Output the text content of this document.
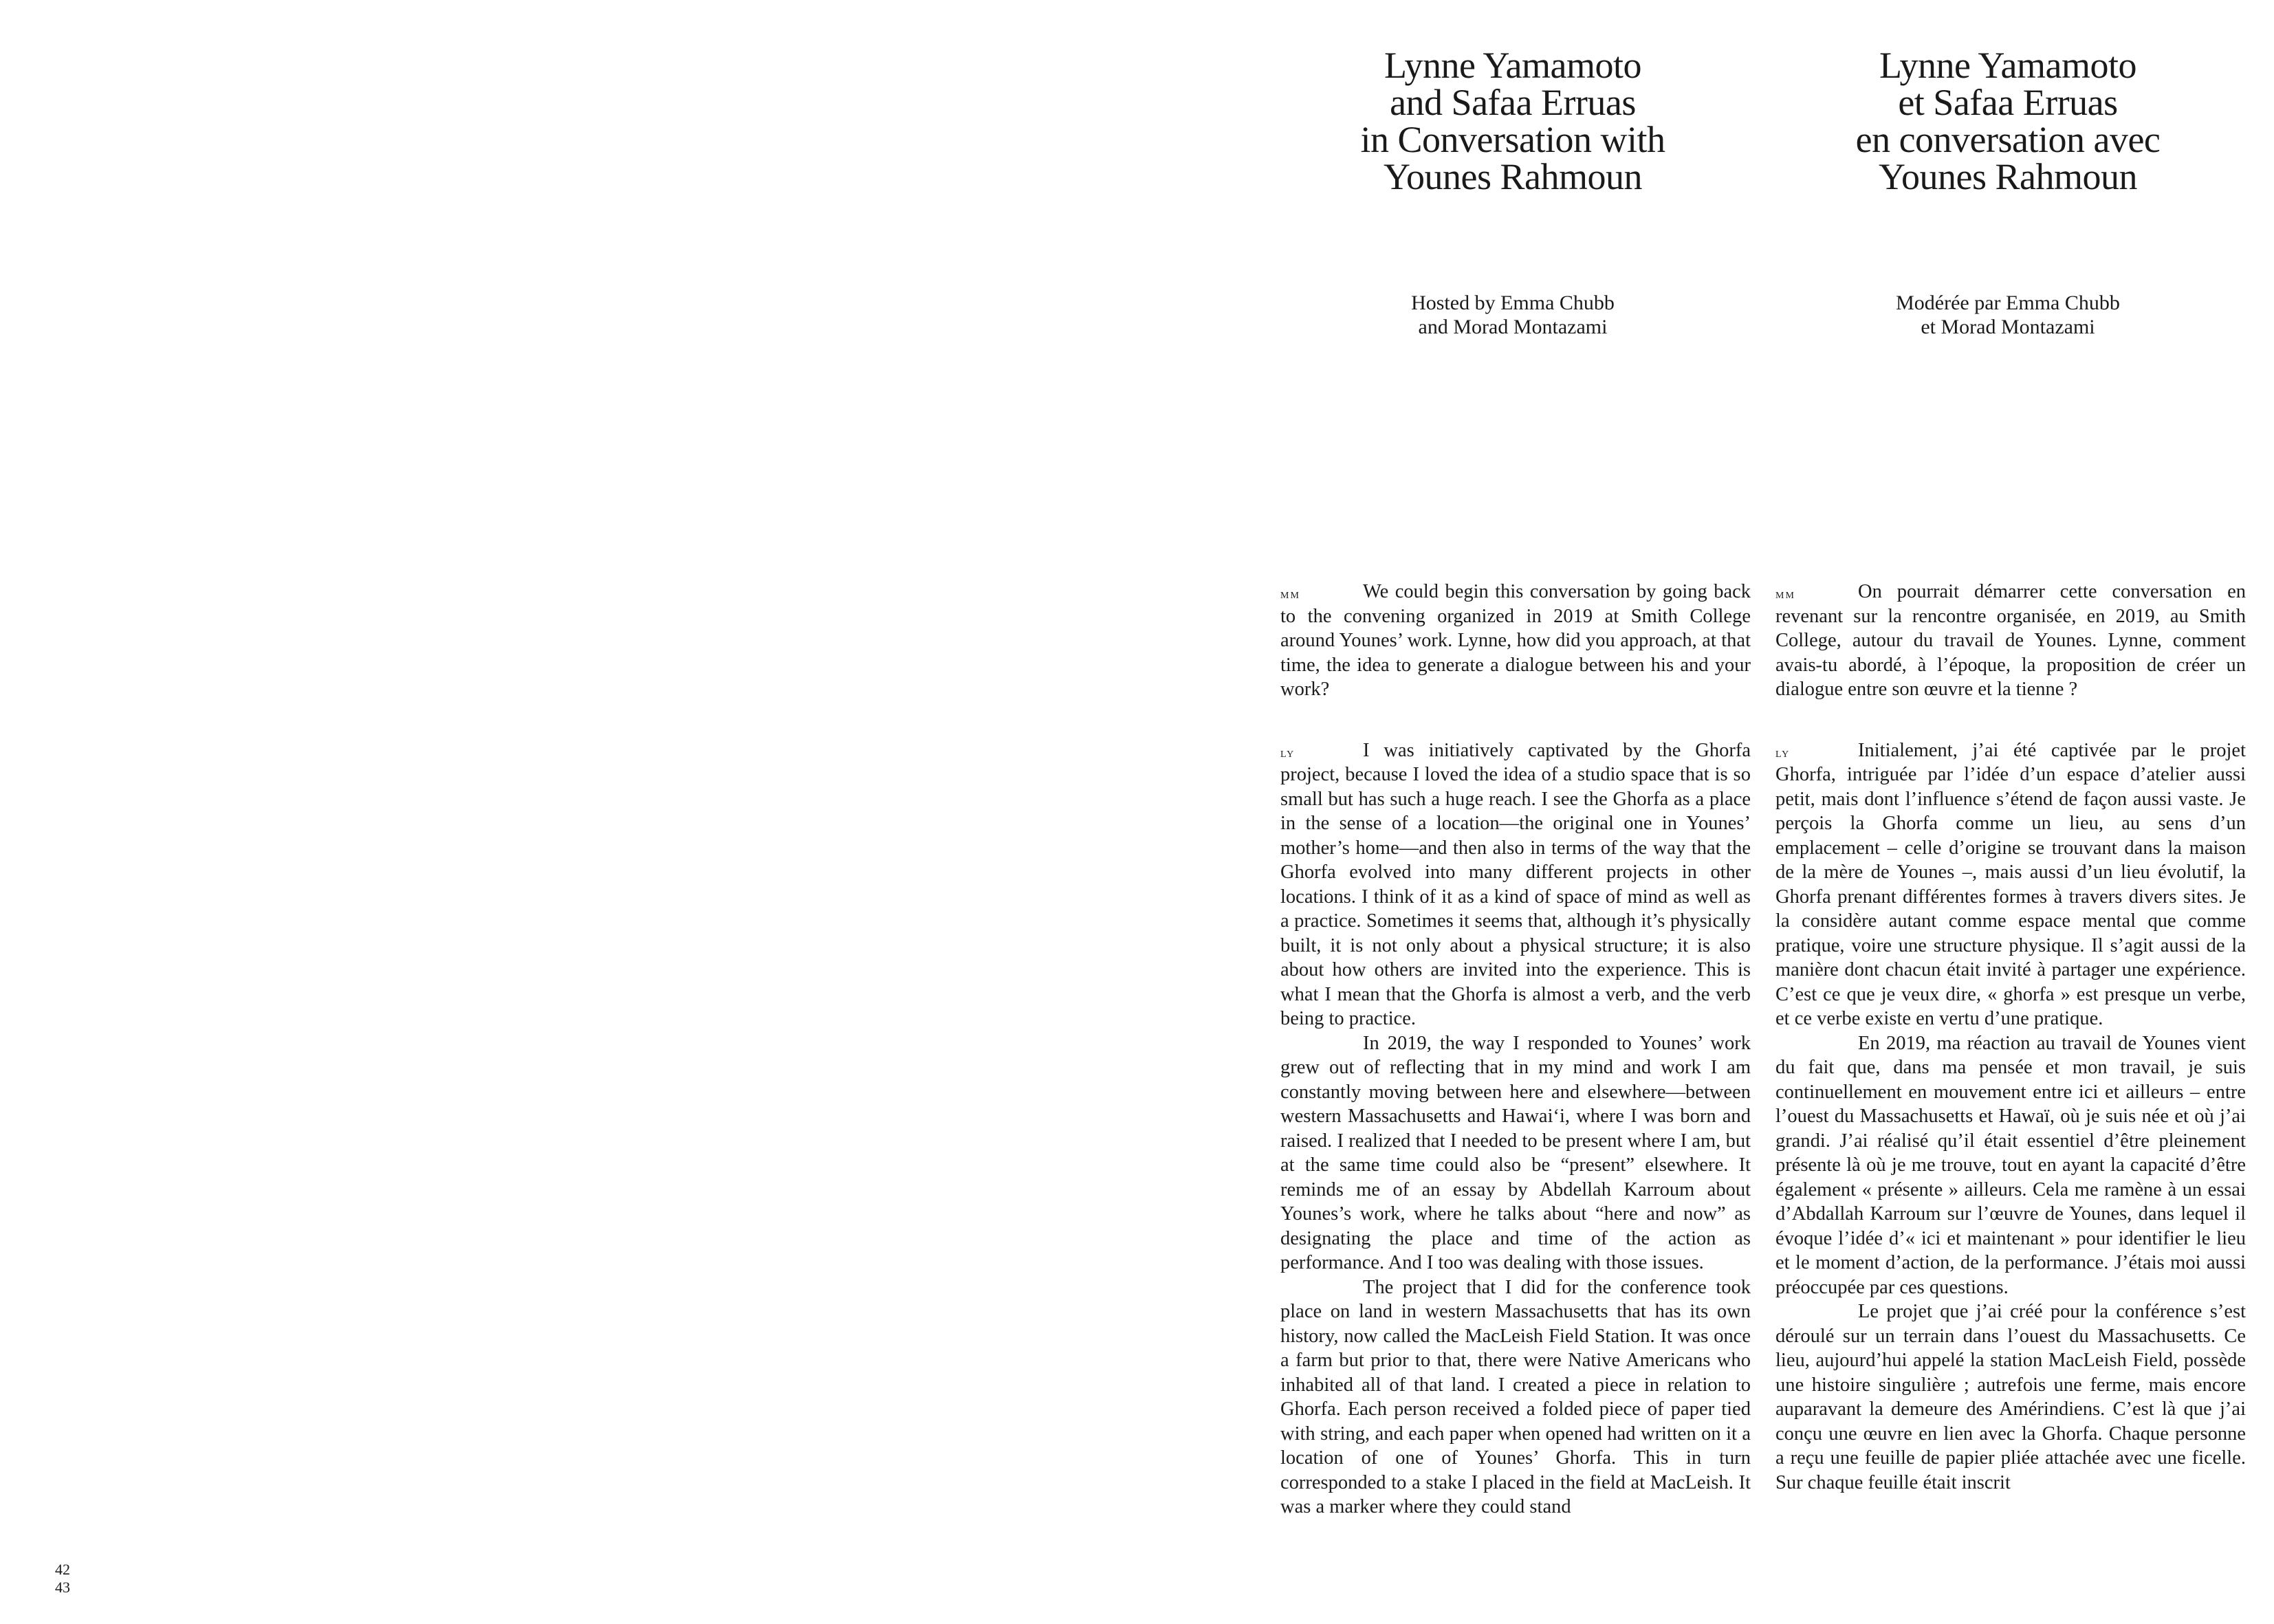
Lynne Yamamoto
and Safaa Erruas
in Conversation with
Younes Rahmoun
Lynne Yamamoto
et Safaa Erruas
en conversation avec
Younes Rahmoun
Hosted by Emma Chubb
and Morad Montazami
Modérée par Emma Chubb
et Morad Montazami
mm	We could begin this conversation by going back to the convening organized in 2019 at Smith College around Younes’ work. Lynne, how did you approach, at that time, the idea to generate a dialogue between his and your work?

ly	I was initiatively captivated by the Ghorfa project, because I loved the idea of a studio space that is so small but has such a huge reach. I see the Ghorfa as a place in the sense of a location—the original one in Younes’ mother’s home—and then also in terms of the way that the Ghorfa evolved into many different projects in other locations. I think of it as a kind of space of mind as well as a practice. Sometimes it seems that, although it’s physically built, it is not only about a physical structure; it is also about how others are invited into the experience. This is what I mean that the Ghorfa is almost a verb, and the verb being to practice.

In 2019, the way I responded to Younes’ work grew out of reflecting that in my mind and work I am constantly moving between here and elsewhere—between western Massachusetts and Hawai‘i, where I was born and raised. I realized that I needed to be present where I am, but at the same time could also be “present” elsewhere. It reminds me of an essay by Abdellah Karroum about Younes’s work, where he talks about “here and now” as designating the place and time of the action as performance. And I too was dealing with those issues.

The project that I did for the conference took place on land in western Massachusetts that has its own history, now called the MacLeish Field Station. It was once a farm but prior to that, there were Native Americans who inhabited all of that land. I created a piece in relation to Ghorfa. Each person received a folded piece of paper tied with string, and each paper when opened had written on it a location of one of Younes’ Ghorfa. This in turn corresponded to a stake I placed in the field at MacLeish. It was a marker where they could stand

mm	On pourrait démarrer cette conversation en revenant sur la rencontre organisée, en 2019, au Smith College, autour du travail de Younes. Lynne, comment avais-tu abordé, à l’époque, la proposition de créer un dialogue entre son œuvre et la tienne ?

ly	Initialement, j’ai été captivée par le projet Ghorfa, intriguée par l’idée d’un espace d’atelier aussi petit, mais dont l’influence s’étend de façon aussi vaste. Je perçois la Ghorfa comme un lieu, au sens d’un emplacement – celle d’origine se trouvant dans la maison de la mère de Younes –, mais aussi d’un lieu évolutif, la Ghorfa prenant différentes formes à travers divers sites. Je la considère autant comme espace mental que comme pratique, voire une structure physique. Il s’agit aussi de la manière dont chacun était invité à partager une expérience. C’est ce que je veux dire, « ghorfa » est presque un verbe, et ce verbe existe en vertu d’une pratique.

En 2019, ma réaction au travail de Younes vient du fait que, dans ma pensée et mon travail, je suis continuellement en mouvement entre ici et ailleurs – entre l’ouest du Massachusetts et Hawaï, où je suis née et où j’ai grandi. J’ai réalisé qu’il était essentiel d’être pleinement présente là où je me trouve, tout en ayant la capacité d’être également « présente » ailleurs. Cela me ramène à un essai d’Abdallah Karroum sur l’œuvre de Younes, dans lequel il évoque l’idée d’« ici et maintenant » pour identifier le lieu et le moment d’action, de la performance. J’étais moi aussi préoccupée par ces questions.

Le projet que j’ai créé pour la conférence s’est déroulé sur un terrain dans l’ouest du Massachusetts. Ce lieu, aujourd’hui appelé la station MacLeish Field, possède une histoire singulière ; autrefois une ferme, mais encore auparavant la demeure des Amérindiens. C’est là que j’ai conçu une œuvre en lien avec la Ghorfa. Chaque personne a reçu une feuille de papier pliée attachée avec une ficelle. Sur chaque feuille était inscrit

42
43
